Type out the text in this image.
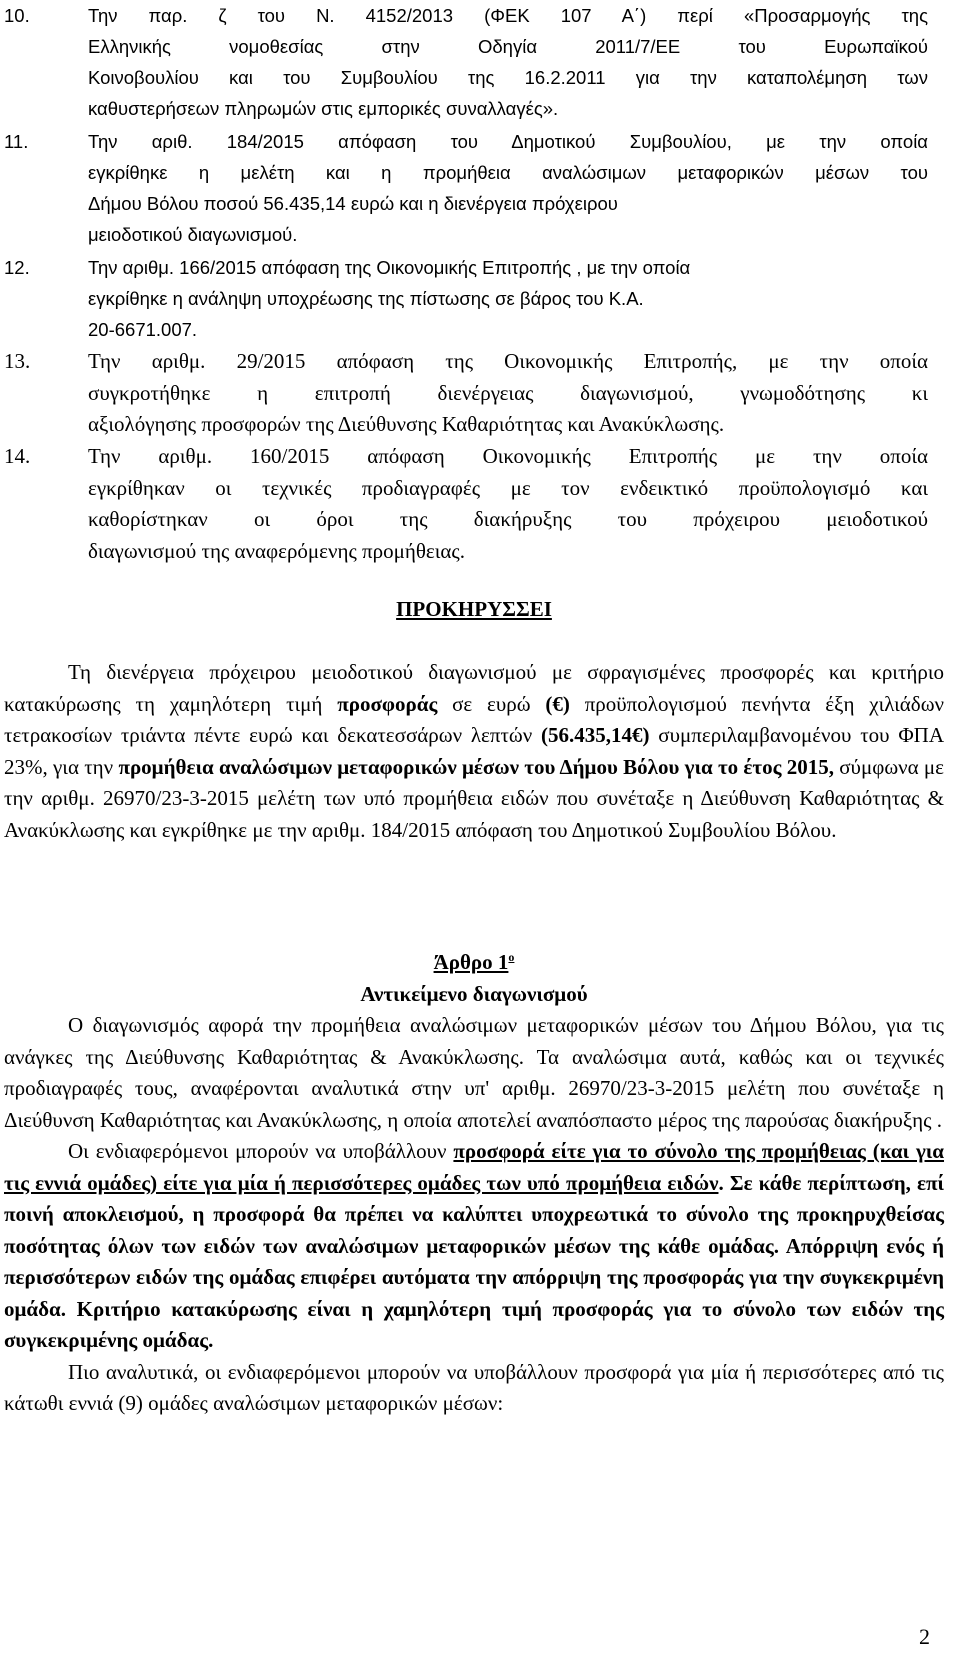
10.	Την παρ. ζ του Ν. 4152/2013 (ΦΕΚ 107 Α΄) περί «Προσαρμογής της

Ελληνικής νομοθεσίας στην Οδηγία 2011/7/ΕΕ του Ευρωπαϊκού

Κοινοβουλίου και του Συμβουλίου της 16.2.2011 για την καταπολέμηση των

καθυστερήσεων πληρωμών στις εμπορικές συναλλαγές».

11.	Την αριθ. 184/2015 απόφαση του Δημοτικού Συμβουλίου, με την οποία

εγκρίθηκε η μελέτη και η προμήθεια αναλώσιμων μεταφορικών μέσων του

Δήμου Βόλου ποσού 56.435,14 ευρώ και η διενέργεια πρόχειρου

μειοδοτικού διαγωνισμού.

12.	Την αριθμ. 166/2015 απόφαση της Οικονομικής Επιτροπής , με την οποία

εγκρίθηκε η ανάληψη υποχρέωσης της πίστωσης σε βάρος του Κ.Α.

20-6671.007.

13.	Την αριθμ. 29/2015 απόφαση της Οικονομικής Επιτροπής, με την οποία

συγκροτήθηκε η επιτροπή διενέργειας διαγωνισμού, γνωμοδότησης κι

αξιολόγησης προσφορών της Διεύθυνσης Καθαριότητας και Ανακύκλωσης.

14.	Την αριθμ. 160/2015 απόφαση Οικονομικής Επιτροπής με την οποία

εγκρίθηκαν οι τεχνικές προδιαγραφές με τον ενδεικτικό προϋπολογισμό και

καθορίστηκαν οι όροι της διακήρυξης του πρόχειρου μειοδοτικού

διαγωνισμού της αναφερόμενης προμήθειας.

ΠΡΟΚΗΡΥΣΣΕΙ

Τη διενέργεια πρόχειρου μειοδοτικού διαγωνισμού με σφραγισμένες προσφορές και κριτήριο κατακύρωσης τη χαμηλότερη τιμή προσφοράς σε ευρώ (€) προϋπολογισμού πενήντα έξη χιλιάδων τετρακοσίων τριάντα πέντε ευρώ και δεκατεσσάρων λεπτών (56.435,14€) συμπεριλαμβανομένου του ΦΠΑ 23%, για την προμήθεια αναλώσιμων μεταφορικών μέσων του Δήμου Βόλου για το έτος 2015, σύμφωνα με την αριθμ. 26970/23-3-2015 μελέτη των υπό προμήθεια ειδών που συνέταξε η Διεύθυνση Καθαριότητας & Ανακύκλωσης και εγκρίθηκε με την αριθμ. 184/2015 απόφαση του Δημοτικού Συμβουλίου Βόλου.

Άρθρο $1^o$

Αντικείμενο διαγωνισμού

Ο διαγωνισμός αφορά την προμήθεια αναλώσιμων μεταφορικών μέσων του Δήμου Βόλου, για τις ανάγκες της Διεύθυνσης Καθαριότητας & Ανακύκλωσης. Τα αναλώσιμα αυτά, καθώς και οι τεχνικές προδιαγραφές τους, αναφέρονται αναλυτικά στην υπ' αριθμ. 26970/23-3-2015 μελέτη που συνέταξε η Διεύθυνση Καθαριότητας και Ανακύκλωσης, η οποία αποτελεί αναπόσπαστο μέρος της παρούσας διακήρυξης .

Οι ενδιαφερόμενοι μπορούν να υποβάλλουν προσφορά είτε για το σύνολο της προμήθειας (και για τις εννιά ομάδες) είτε για μία ή περισσότερες ομάδες των υπό προμήθεια ειδών. Σε κάθε περίπτωση, επί ποινή αποκλεισμού, η προσφορά θα πρέπει να καλύπτει υποχρεωτικά το σύνολο της προκηρυχθείσας ποσότητας όλων των ειδών των αναλώσιμων μεταφορικών μέσων της κάθε ομάδας. Απόρριψη ενός ή περισσότερων ειδών της ομάδας επιφέρει αυτόματα την απόρριψη της προσφοράς για την συγκεκριμένη ομάδα. Κριτήριο κατακύρωσης είναι η χαμηλότερη τιμή προσφοράς για το σύνολο των ειδών της συγκεκριμένης ομάδας.

Πιο αναλυτικά, οι ενδιαφερόμενοι μπορούν να υποβάλλουν προσφορά για μία ή περισσότερες από τις κάτωθι εννιά (9) ομάδες αναλώσιμων μεταφορικών μέσων:

2
